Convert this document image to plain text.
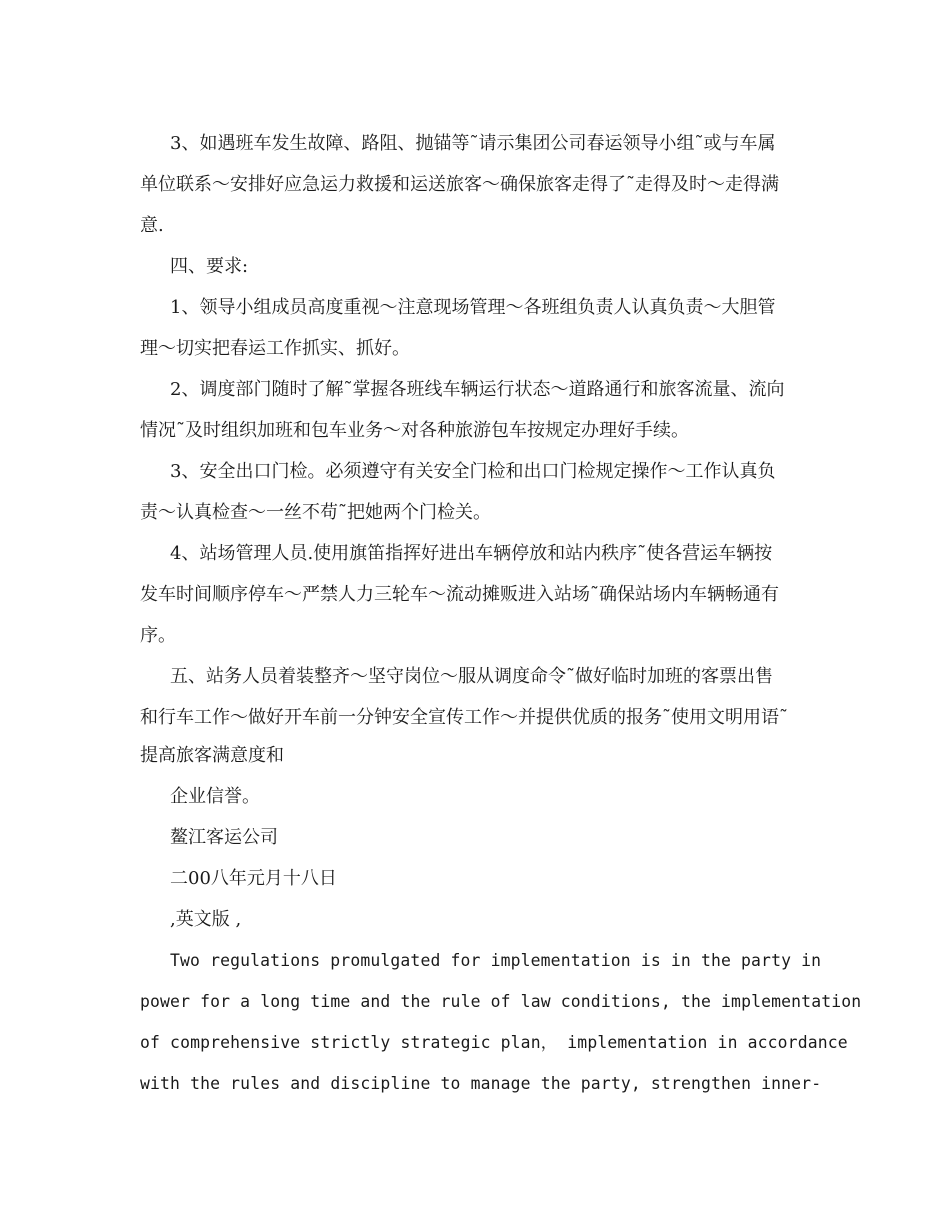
3、如遇班车发生故障、路阻、抛锚等˜请示集团公司春运领导小组˜或与车属
单位联系～安排好应急运力救援和运送旅客～确保旅客走得了˜走得及时～走得满
意.
四、要求:
1、领导小组成员高度重视～注意现场管理～各班组负责人认真负责～大胆管
理～切实把春运工作抓实、抓好。
2、调度部门随时了解˜掌握各班线车辆运行状态～道路通行和旅客流量、流向
情况˜及时组织加班和包车业务～对各种旅游包车按规定办理好手续。
3、安全出口门检。必须遵守有关安全门检和出口门检规定操作～工作认真负
责～认真检查～一丝不苟˜把她两个门检关。
4、站场管理人员.使用旗笛指挥好进出车辆停放和站内秩序˜使各营运车辆按
发车时间顺序停车～严禁人力三轮车～流动摊贩进入站场˜确保站场内车辆畅通有
序。
五、站务人员着装整齐～坚守岗位～服从调度命令˜做好临时加班的客票出售
和行车工作～做好开车前一分钟安全宣传工作～并提供优质的报务˜使用文明用语˜
提高旅客满意度和
企业信誉。
鳌江客运公司
二00八年元月十八日
,英文版 ,
Two regulations promulgated for implementation is in the party in
power for a long time and the rule of law conditions, the implementation
of comprehensive strictly strategic plan， implementation in accordance
with the rules and discipline to manage the party, strengthen inner-
